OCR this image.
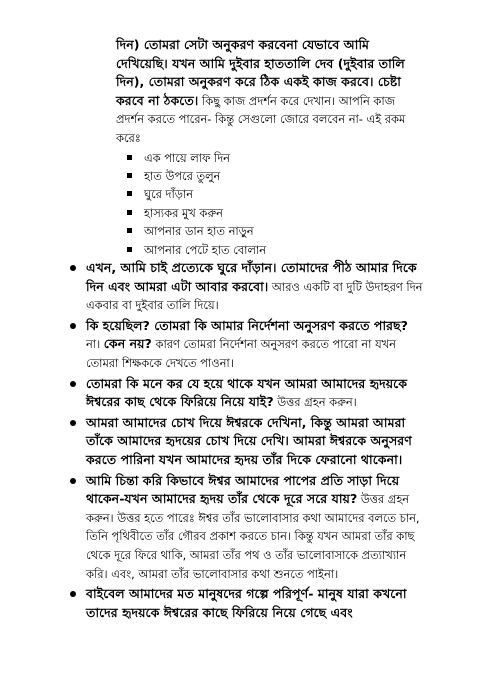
দিন) তোমরা সেটা অনুকরণ করবেনা যেভাবে আমি দেখিয়েছি। যখন আমি দুইবার হাততালি দেব (দুইবার তালি দিন), তোমরা অনুকরণ করে ঠিক একই কাজ করবে। চেষ্টা করবে না ঠকতে। কিছু কাজ প্রদর্শন করে দেখান। আপনি কাজ প্রদর্শন করতে পারেন- কিন্তু সেগুলো জোরে বলবেন না- এই রকম করেঃ

এক পায়ে লাফ দিন
হাত উপরে তুলুন
ঘুরে দাঁড়ান
হাস্যকর মুখ করুন
আপনার ডান হাত নাড়ুন
আপনার পেটে হাত বোলান
এখন, আমি চাই প্রত্যেকে ঘুরে দাঁড়ান। তোমাদের পীঠ আমার দিকে দিন এবং আমরা এটা আবার করবো। আরও একটি বা দুটি উদাহরণ দিন একবার বা দুইবার তালি দিয়ে।
কি হয়েছিল? তোমরা কি আমার নির্দেশনা অনুসরণ করতে পারছ? না। কেন নয়? কারণ তোমরা নির্দেশনা অনুসরণ করতে পারো না যখন তোমরা শিক্ষককে দেখতে পাওনা।
তোমরা কি মনে কর যে হয়ে থাকে যখন আমরা আমাদের হৃদয়কে ঈশ্বরের কাছ থেকে ফিরিয়ে নিয়ে যাই? উত্তর গ্রহন করুন।
আমরা আমাদের চোখ দিয়ে ঈশ্বরকে দেখিনা, কিন্তু আমরা আমরা তাঁকে আমাদের হৃদয়ের চোখ দিয়ে দেখি। আমরা ঈশ্বরকে অনুসরণ করতে পারিনা যখন আমাদের হৃদয় তাঁর দিকে ফেরানো থাকেনা।
আমি চিন্তা করি কিভাবে ঈশ্বর আমাদের পাপের প্রতি সাড়া দিয়ে থাকেন-যখন আমাদের হৃদয় তাঁর থেকে দূরে সরে যায়? উত্তর গ্রহন করুন। উত্তর হতে পারেঃ ঈশ্বর তাঁর ভালোবাসার কথা আমাদের বলতে চান, তিনি পৃথিবীতে তাঁর গৌরব প্রকাশ করতে চান। কিন্তু যখন আমরা তাঁর কাছ থেকে দূরে ফিরে থাকি, আমরা তাঁর পথ ও তাঁর ভালোবাসাকে প্রত্যাখ্যান করি। এবং, আমরা তাঁর ভালোবাসার কথা শুনতে পাইনা।
বাইবেল আমাদের মত মানুষদের গল্পে পরিপূর্ণ- মানুষ যারা কখনো তাদের হৃদয়কে ঈশ্বরের কাছে ফিরিয়ে নিয়ে গেছে এবং
